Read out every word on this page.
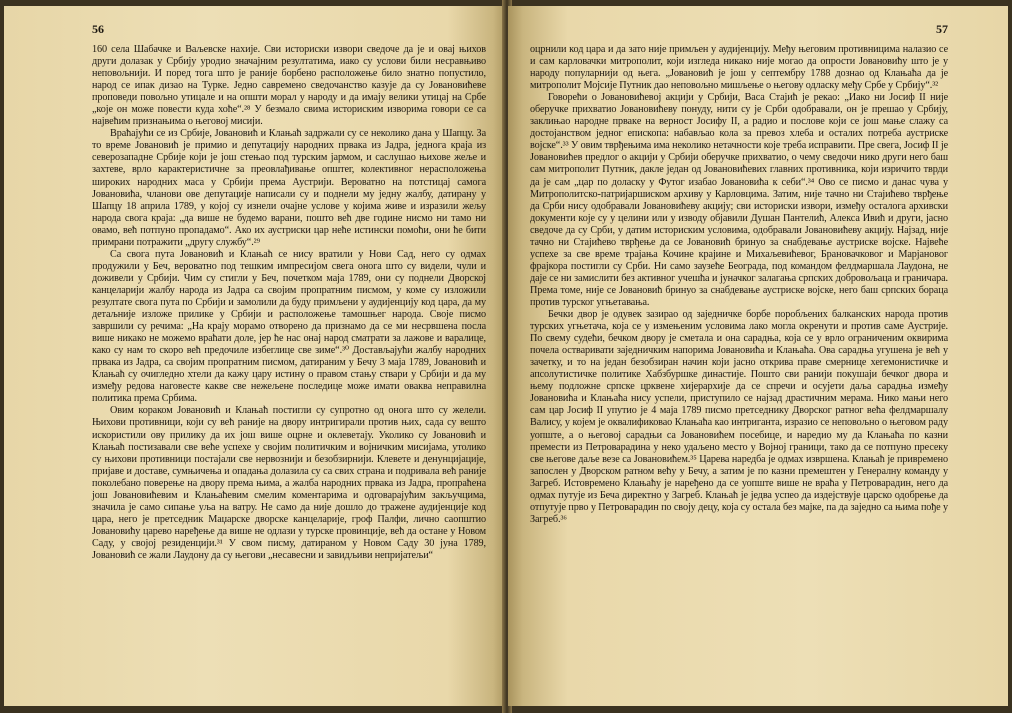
56

160 села Шабачке и Ваљевске нахије. Сви историски извори сведоче да је и овај њихов други долазак у Србију уродио значајним резултатима, иако су услови били несравњиво неповољнији. И поред тога што је раније борбено расположење било знатно попустило, народ се ипак дизао на Турке. Једно савремено сведочанство казује да су Јовановићеве проповеди повољно утицале и на општи морал у народу и да имају велики утицај на Србе „које он може повести куда хоће“.²⁸ У безмало свима историским изворима говори се са највећим признањима о његовој мисији.

Враћајући се из Србије, Јовановић и Клањаћ задржали су се неколико дана у Шапцу. За то време Јовановић је примио и депутацију народних првака из Јадра, једнога краја из северозападне Србије који је још стењао под турским јармом, и саслушао њихове жеље и захтеве, врло карактеристичне за преовлађивање општег, колективног нерасположења широких народних маса у Србији према Аустрији. Вероватно на потстицај самога Јовановића, чланови ове депутације написали су и поднели му једну жалбу, датирану у Шапцу 18 априла 1789, у којој су изнели очајне услове у којима живе и изразили жељу народа свога краја: „да више не будемо варани, пошто већ две године нисмо ни тамо ни овамо, већ потпуно пропадамо“. Ако их аустриски цар неће истински помоћи, они ће бити примрани потражити „другу службу“.²⁹

Са свога пута Јовановић и Клањаћ се нису вратили у Нови Сад, него су одмах продужили у Беч, вероватно под тешким импресијом свега онога што су видели, чули и доживели у Србији. Чим су стигли у Беч, почетком маја 1789, они су поднели Дворској канцеларији жалбу народа из Јадра са својим пропратним писмом, у коме су изложили резултате свога пута по Србији и замолили да буду примљени у аудијенцију код цара, да му детаљније изложе прилике у Србији и расположење тамошњег народа. Своје писмо завршили су речима: „На крају морамо отворено да признамо да се ми несрвшена посла више никако не можемо враћати доле, јер ће нас онај народ сматрати за лажове и варалице, како су нам то скоро већ предочиле избеглице све зиме“.³⁰ Достављајући жалбу народних првака из Јадра, са својим пропратним писмом, датираним у Бечу 3 маја 1789, Јовановић и Клањаћ су очигледно хтели да кажу цару истину о правом стању ствари у Србији и да му између редова наговесте какве све нежељене последице може имати оваква неправилна политика према Србима.

Овим кораком Јовановић и Клањаћ постигли су супротно од онога што су желели. Њихови противници, који су већ раније на двору интригирали против њих, сада су вешто искористили ову прилику да их још више оцрне и оклеветају. Уколико су Јовановић и Клањаћ постизавали све веће успехе у својим политичким и војничким мисијама, утолико су њихови противници постајали све нервознији и безобзирнији. Клевете и денунцијације, пријаве и доставе, сумњичења и опадања долазила су са свих страна и подривала већ раније поколебано поверење на двору према њима, а жалба народних првака из Јадра, пропраћена још Јовановићевим и Клањаћевим смелим коментарима и одговарајућим закључцима, значила је само сипање уља на ватру. Не само да није дошло до тражене аудијенције код цара, него је претседник Маџарске дворске канцеларије, гроф Палфи, лично саопштио Јовановићу царево наређење да више не одлази у турске провинције, већ да остане у Новом Саду, у својој резиденцији.³¹ У свом писму, датираном у Новом Саду 30 јуна 1789, Јовановић се жали Лаудону да су његови „несавесни и завидљиви непријатељи“

57

оцрнили код цара и да зато није примљен у аудијенцију. Међу његовим противницима налазио се и сам карловачки митрополит, који изгледа никако није могао да опрости Јовановићу што је у народу популарнији од њега. „Јовановић је још у септембру 1788 дознао од Клањаћа да је митрополит Мојсије Путник дао неповољно мишљење о његову одласку међу Србе у Србију“.³²

Говорећи о Јовановићевој акцији у Србији, Васа Стајић је рекао: „Иако ни Јосиф II није оберучке прихватио Јовановићеву понуду, нити су је Срби одобравали, он је прешао у Србију, заклињао народне првакe на верност Јосифу II, а радио и послове који се још мање слажу са достојанством једног епископа: набављао кола за превоз хлеба и осталих потреба аустриске војске“.³³ У овим тврђењима има неколико нетачности које треба исправити. Пре свега, Јосиф II је Јовановићев предлог о акцији у Србији оберучке прихватио, о чему сведочи нико други него баш сам митрополит Путник, дакле један од Јовановићевих главних противника, који изричито тврди да је сам „цар по доласку у Футог изабао Јовановића к себи“.³⁴ Ово се писмо и данас чува у Митрополитско-патријаршиском архиву у Карловцима. Затим, није тачно ни Стајићево тврђење да Срби нису одобравали Јовановићеву акцију; сви историски извори, између осталога архивски документи које су у целини или у изводу објавили Душан Пантелић, Алекса Ивић и други, јасно сведоче да су Срби, у датим историским условима, одобравали Јовановићеву акцију. Најзад, није тачно ни Стајићево тврђење да се Јовановић бринуо за снабдевање аустриске војске. Највеће успехе за све време трајања Кочине крајине и Михаљевићевог, Брановачковог и Марјановог фрајкора постигли су Срби. Ни само заузеће Београда, под командом фелдмаршала Лаудона, не даје се ни замислити без активног учешћа и јуначког залагања српских добровољаца и граничара. Према томе, није се Јовановић бринуо за снабдевање аустриске војске, него баш српских бораца против турског угњетавања.

Бечки двор је одувек зазирао од заједничке борбе поробљених балканских народа против турских угњетача, која се у измењеним условима лако могла окренути и против саме Аустрије. По свему судећи, бечком двору је сметала и она сарадња, која се у врло ограниченим оквирима почела остваривати заједничким напорима Јовановића и Клањаћа. Ова сарадња угушена је већ у зачетку, и то на један безобзиран начин који јасно открива праве смернице хегемонистичке и апсолутистичке политике Хабзбуршке династије. Пошто сви ранији покушаји бечког двора и њему подложне српске црквене хијерархије да се спречи и осујети даља сарадња између Јовановића и Клањаћа нису успели, приступило се најзад драстичним мерама. Нико мањи него сам цар Јосиф II упутио је 4 маја 1789 писмо претседнику Дворског ратног већа фелдмаршалу Валису, у којем је оквалификовао Клањаћа као интриганта, изразио се неповољно о његовом раду уопште, а о његовој сарадњи са Јовановићем посебице, и наредио му да Клањаћа по казни премести из Петроварадина у неко удаљено место у Војној граници, тако да се потпуно пресеку све његове даље везе са Јовановићем.³⁵ Царева наредба је одмах извршена. Клањаћ је привремено запослен у Дворском ратном већу у Бечу, а затим је по казни премештен у Генералну команду у Загреб. Истовремено Клањаћу је наређено да се уопште више не враћа у Петроварадин, него да одмах путује из Беча директно у Загреб. Клањаћ је једва успео да издејствује царско одобрење да отпутује прво у Петроварадин по своју децу, која су остала без мајке, па да заједно са њима пође у Загреб.³⁶
